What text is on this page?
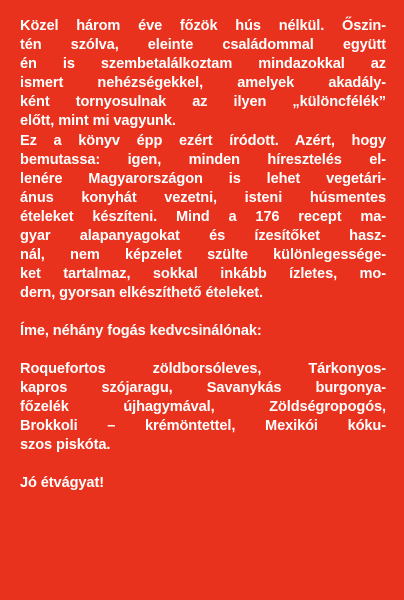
Közel három éve főzök hús nélkül. Őszin-
tén szólva, eleinte családommal együtt
én is szembetalálkoztam mindazokkal az
ismert nehézségekkel, amelyek akadály-
ként tornyosulnak az ilyen „különcfélék”
előtt, mint mi vagyunk.

Ez a könyv épp ezért íródott. Azért, hogy
bemutassa: igen, minden híresztelés el-
lenére Magyarországon is lehet vegetári-
ánus konyhát vezetni, isteni húsmentes
ételeket készíteni. Mind a 176 recept ma-
gyar alapanyagokat és ízesítőket hasz-
nál, nem képzelet szülte különlegessége-
ket tartalmaz, sokkal inkább ízletes, mo-
dern, gyorsan elkészíthető ételeket.

Íme, néhány fogás kedvcsinálónak:

Roquefortos zöldborsóleves, Tárkonyos-
kapros szójaragu, Savanykás burgonya-
főzelék újhagymával, Zöldségropogós,
Brokkoli – krémöntettel, Mexikói kóku-
szos piskóta.

Jó étvágyat!
